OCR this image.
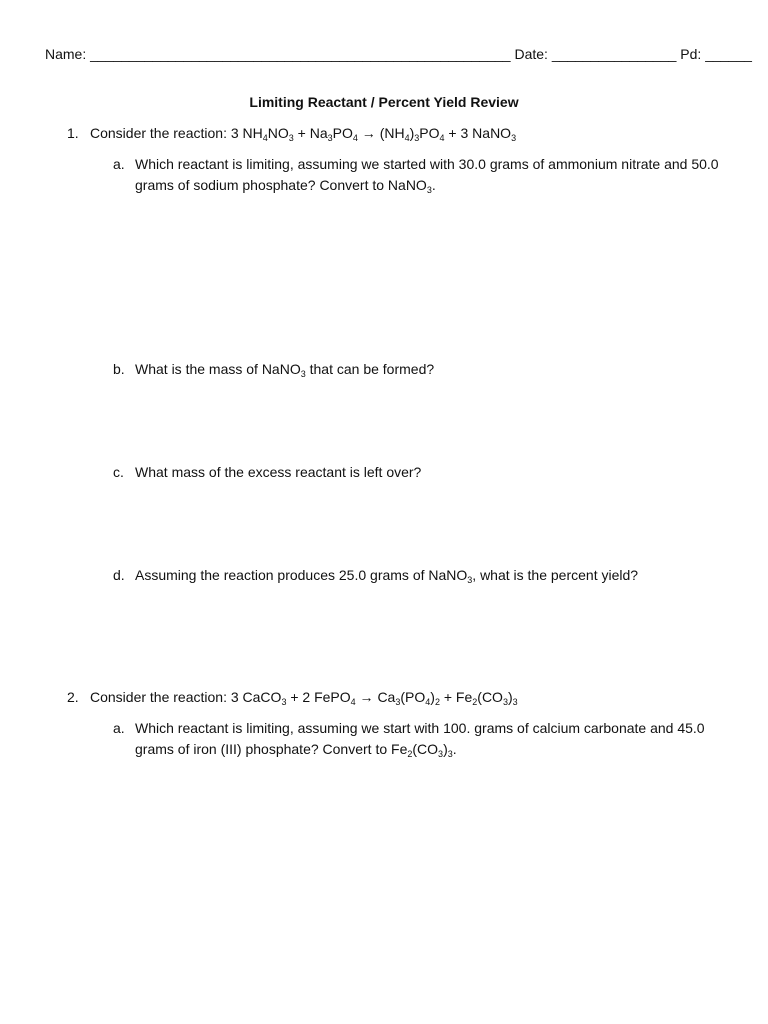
Name: ______________________________________________________ Date: ________________ Pd: ______
Limiting Reactant / Percent Yield Review
1. Consider the reaction: 3 $NH_4NO_3 + Na_3PO_4 \to (NH_4)_3PO_4 + 3$ NaNO$_3$
a. Which reactant is limiting, assuming we started with 30.0 grams of ammonium nitrate and 50.0 grams of sodium phosphate? Convert to NaNO$_3$.
b. What is the mass of NaNO$_3$ that can be formed?
c. What mass of the excess reactant is left over?
d. Assuming the reaction produces 25.0 grams of NaNO$_3$, what is the percent yield?
2. Consider the reaction: 3 CaCO$_3$ + 2 FePO$_4$ → $Ca_3(PO_4)_2 + Fe_2(CO_3)_3$
a. Which reactant is limiting, assuming we start with 100. grams of calcium carbonate and 45.0 grams of iron (III) phosphate? Convert to $Fe_2(CO_3)_3$.
